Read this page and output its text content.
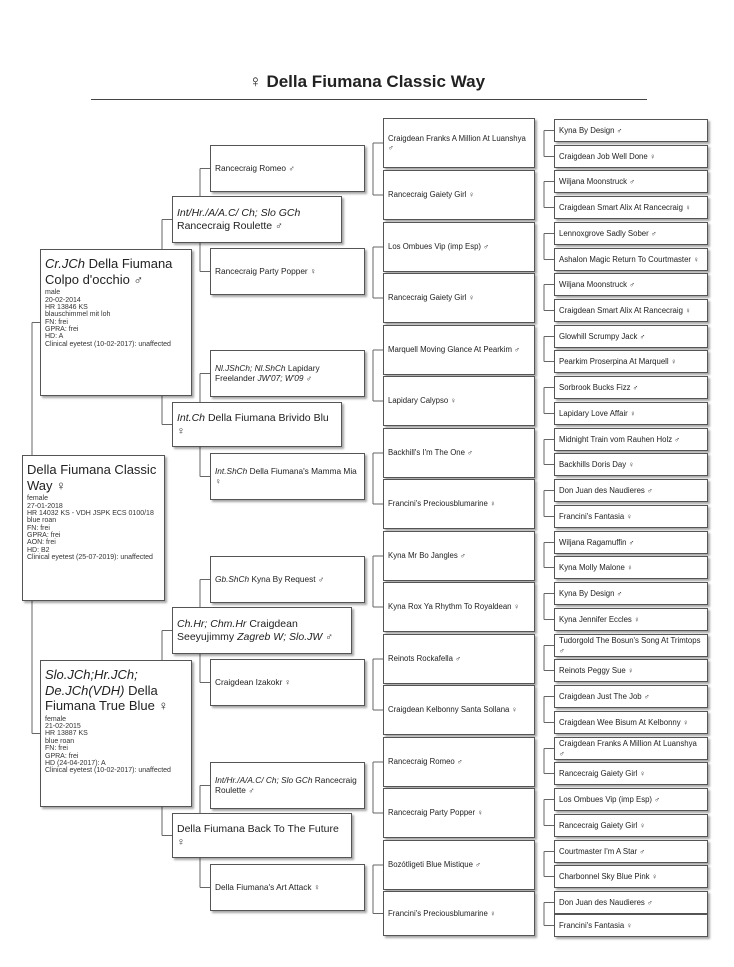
♀ Della Fiumana Classic Way
Della Fiumana Classic Way ♀
female
27-01-2018
HR 14032 KS - VDH JSPK ECS 0100/18
blue roan
FN: frei
GPRA: frei
AON: frei
HD: B2
Clinical eyetest (25-07-2019): unaffected
Cr.JCh Della Fiumana Colpo d'occhio ♂
male
20-02-2014
HR 13846 KS
blauschimmel mit loh
FN: frei
GPRA: frei
HD: A
Clinical eyetest (10-02-2017): unaffected
Slo.JCh;Hr.JCh; De.JCh(VDH) Della Fiumana True Blue ♀
female
21-02-2015
HR 13887 KS
blue roan
FN: frei
GPRA: frei
HD (24-04-2017): A
Clinical eyetest (10-02-2017): unaffected
Int/Hr./A/A.C/ Ch; Slo GCh Rancecraig Roulette ♂
Int.Ch Della Fiumana Brivido Blu ♀
Ch.Hr; Chm.Hr Craigdean Seeyujimmy Zagreb W; Slo.JW ♂
Della Fiumana Back To The Future ♀
Rancecraig Romeo ♂
Rancecraig Party Popper ♀
Nl.JShCh; Nl.ShCh Lapidary Freelander JW'07; W'09 ♂
Int.ShCh Della Fiumana's Mamma Mia ♀
Gb.ShCh Kyna By Request ♂
Craigdean Izakokr ♀
Int/Hr./A/A.C/ Ch; Slo GCh Rancecraig Roulette ♂
Della Fiumana's Art Attack ♀
Craigdean Franks A Million At Luanshya ♂
Rancecraig Gaiety Girl ♀
Los Ombues Vip (imp Esp) ♂
Rancecraig Gaiety Girl ♀
Marquell Moving Glance At Pearkim ♂
Lapidary Calypso ♀
Backhill's I'm The One ♂
Francini's Preciousblumarine ♀
Kyna Mr Bo Jangles ♂
Kyna Rox Ya Rhythm To Royaldean ♀
Reinots Rockafella ♂
Craigdean Kelbonny Santa Sollana ♀
Rancecraig Romeo ♂
Rancecraig Party Popper ♀
Bozótligeti Blue Mistique ♂
Francini's Preciousblumarine ♀
Kyna By Design ♂
Craigdean Job Well Done ♀
Wiljana Moonstruck ♂
Craigdean Smart Alix At Rancecraig ♀
Lennoxgrove Sadly Sober ♂
Ashalon Magic Return To Courtmaster ♀
Wiljana Moonstruck ♂
Craigdean Smart Alix At Rancecraig ♀
Glowhill Scrumpy Jack ♂
Pearkim Proserpina At Marquell ♀
Sorbrook Bucks Fizz ♂
Lapidary Love Affair ♀
Midnight Train vom Rauhen Holz ♂
Backhills Doris Day ♀
Don Juan des Naudieres ♂
Francini's Fantasia ♀
Wiljana Ragamuffin ♂
Kyna Molly Malone ♀
Kyna By Design ♂
Kyna Jennifer Eccles ♀
Tudorgold The Bosun's Song At Trimtops ♂
Reinots Peggy Sue ♀
Craigdean Just The Job ♂
Craigdean Wee Bisum At Kelbonny ♀
Craigdean Franks A Million At Luanshya ♂
Rancecraig Gaiety Girl ♀
Los Ombues Vip (imp Esp) ♂
Rancecraig Gaiety Girl ♀
Courtmaster I'm A Star ♂
Charbonnel Sky Blue Pink ♀
Don Juan des Naudieres ♂
Francini's Fantasia ♀
